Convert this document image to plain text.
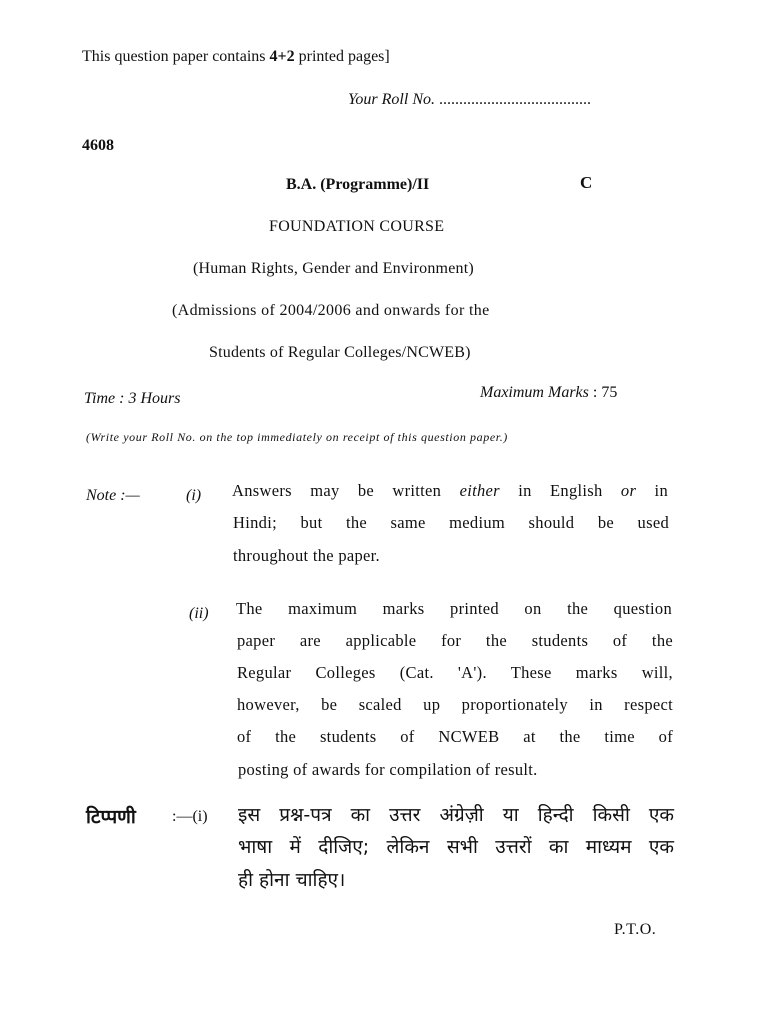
This question paper contains 4+2 printed pages]
Your Roll No. ......................................
4608
B.A. (Programme)/II	C
FOUNDATION COURSE
(Human Rights, Gender and Environment)
(Admissions of 2004/2006 and onwards for the
Students of Regular Colleges/NCWEB)
Time : 3 Hours	Maximum Marks : 75
(Write your Roll No. on the top immediately on receipt of this question paper.)
Note :—	(i) Answers may be written either in English or in
Hindi; but the same medium should be used
throughout the paper.
(ii) The maximum marks printed on the question
paper are applicable for the students of the
Regular Colleges (Cat. 'A'). These marks will,
however, be scaled up proportionately in respect
of the students of NCWEB at the time of
posting of awards for compilation of result.
टिप्पणी :—(i) इस प्रश्न-पत्र का उत्तर अंग्रेज़ी या हिन्दी किसी एक
भाषा में दीजिए; लेकिन सभी उत्तरों का माध्यम एक
ही होना चाहिए।
P.T.O.
